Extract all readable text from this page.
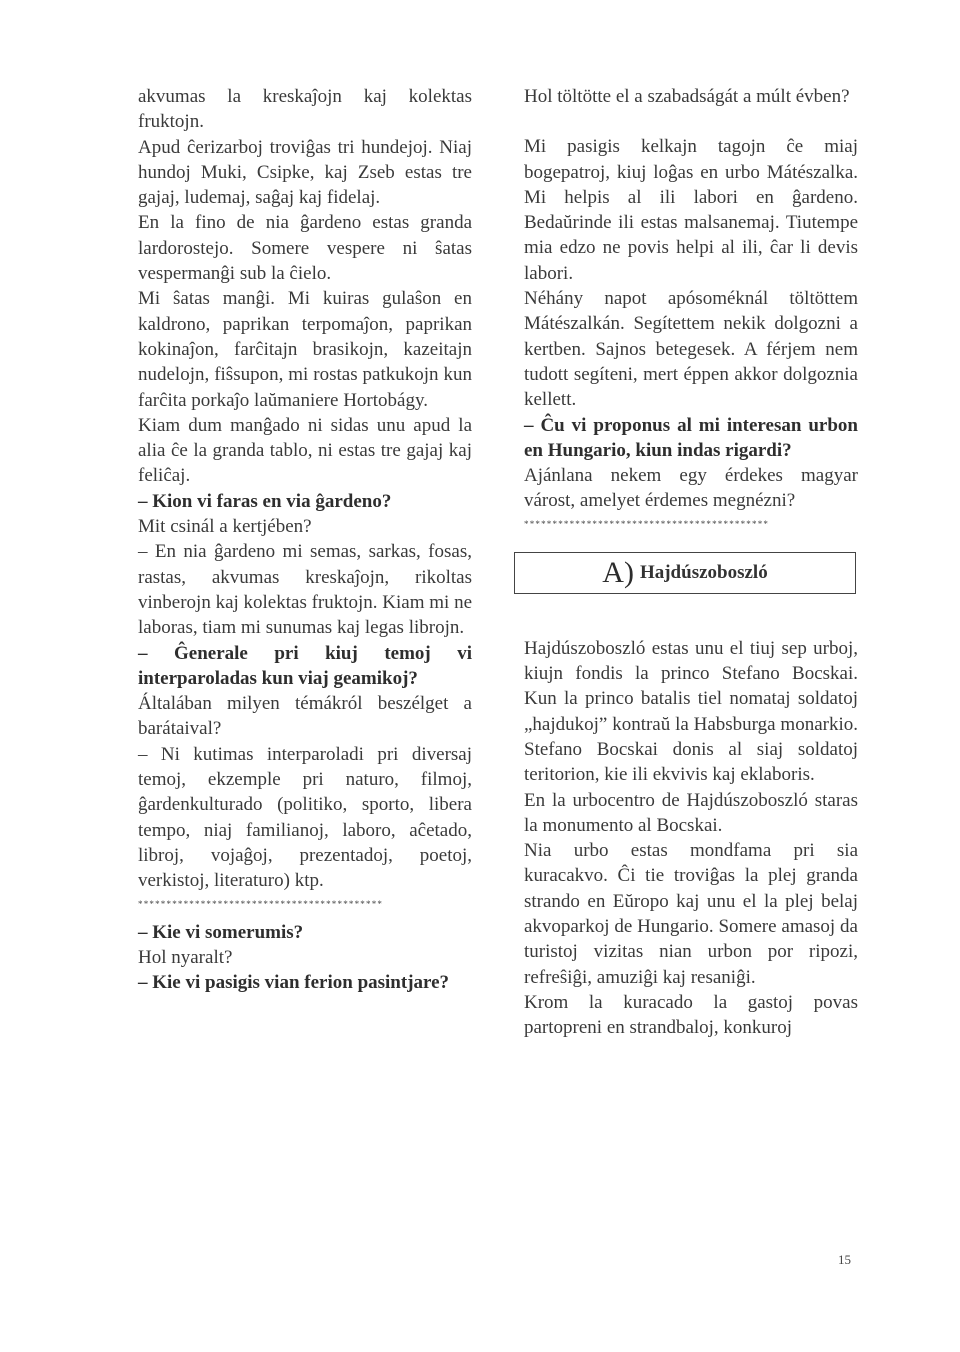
akvumas la kreskaĵojn kaj kolektas fruktojn.

Apud ĉerizarboj troviĝas tri hundejoj. Niaj hundoj Muki, Csipke, kaj Zseb estas tre gajaj, ludemaj, saĝaj kaj fidelaj.

En la fino de nia ĝardeno estas granda lardorostejo. Somere vespere ni ŝatas vespermanĝi sub la ĉielo.

Mi ŝatas manĝi. Mi kuiras gulaŝon en kaldrono, paprikan terpomaĵon, paprikan kokinaĵon, farĉitajn brasikojn, kazeitajn nudelojn, fiŝsupon, mi rostas patkukojn kun farĉita porkaĵo laŭmaniere Hortobágy.

Kiam dum manĝado ni sidas unu apud la alia ĉe la granda tablo, ni estas tre gajaj kaj feliĉaj.

– Kion vi faras en via ĝardeno?

Mit csinál a kertjében?

– En nia ĝardeno mi semas, sarkas, fosas, rastas, akvumas kreskaĵojn, rikoltas vinberojn kaj kolektas fruktojn. Kiam mi ne laboras, tiam mi sunumas kaj legas librojn.

– Ĝenerale pri kiuj temoj vi interparoladas kun viaj geamikoj?

Általában milyen témákról beszélget a barátaival?

– Ni kutimas interparoladi pri diversaj temoj, ekzemple pri naturo, filmoj, ĝardenkulturado (politiko, sporto, libera tempo, niaj familianoj, laboro, aĉetado, libroj, vojaĝoj, prezentadoj, poetoj, verkistoj, literaturo) ktp.

*******************************************

– Kie vi somerumis?

Hol nyaralt?

– Kie vi pasigis vian ferion pasintjare?

Hol töltötte el a szabadságát a múlt évben?

Mi pasigis kelkajn tagojn ĉe miaj bogepatroj, kiuj loĝas en urbo Mátészalka. Mi helpis al ili labori en ĝardeno. Bedaŭrinde ili estas malsanemaj. Tiutempe mia edzo ne povis helpi al ili, ĉar li devis labori.

Néhány napot apósoméknál töltöttem Mátészalkán. Segítettem nekik dolgozni a kertben. Sajnos betegesek. A férjem nem tudott segíteni, mert éppen akkor dolgoznia kellett.

– Ĉu vi proponus al mi interesan urbon en Hungario, kiun indas rigardi?

Ajánlana nekem egy érdekes magyar várost, amelyet érdemes megnézni?

*******************************************
A) Hajdúszoboszló

Hajdúszoboszló estas unu el tiuj sep urboj, kiujn fondis la princo Stefano Bocskai. Kun la princo batalis tiel nomataj soldatoj „hajdukoj” kontraŭ la Habsburga monarkio. Stefano Bocskai donis al siaj soldatoj teritorion, kie ili ekvivis kaj eklaboris.

En la urbocentro de Hajdúszoboszló staras la monumento al Bocskai.

Nia urbo estas mondfama pri sia kuracakvo. Ĉi tie troviĝas la plej granda strando en Eŭropo kaj unu el la plej belaj akvoparkoj de Hungario. Somere amasoj da turistoj vizitas nian urbon por ripozi, refreŝiĝi, amuziĝi kaj resaniĝi.

Krom la kuracado la gastoj povas partopreni en strandbaloj, konkuroj

15
